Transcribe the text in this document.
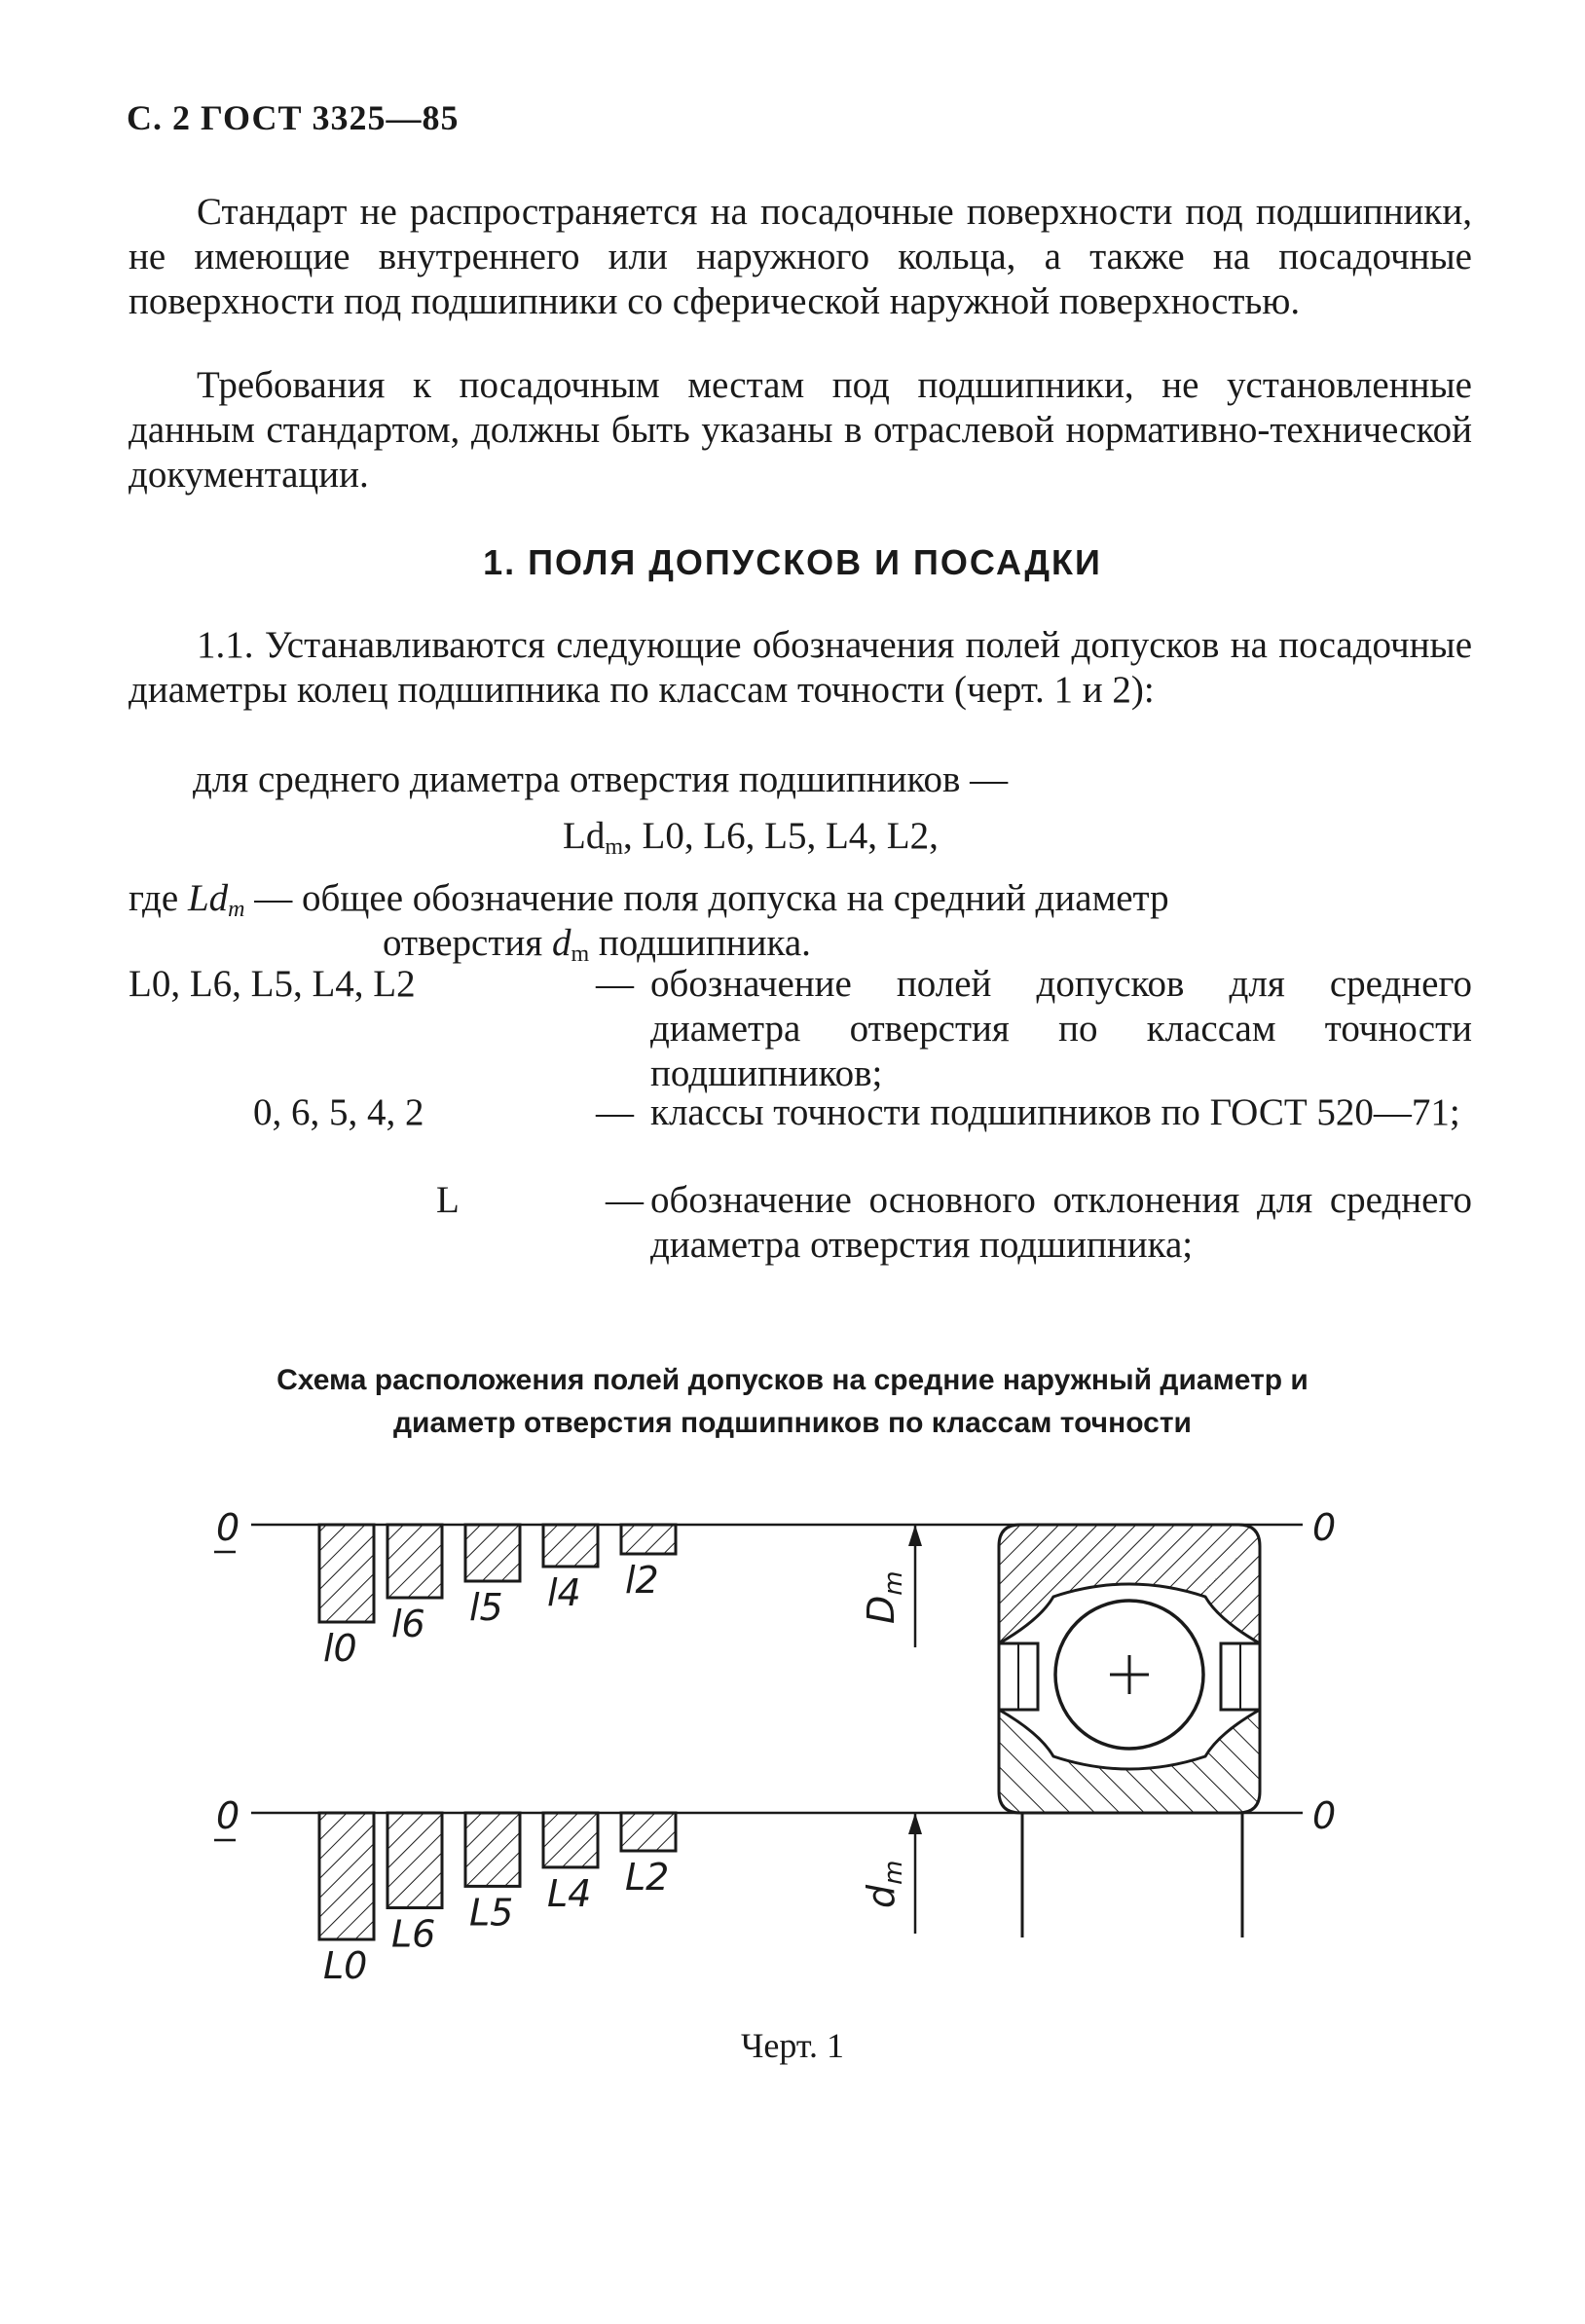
С. 2 ГОСТ 3325—85
Стандарт не распространяется на посадочные поверхности под подшипники, не имеющие внутреннего или наружного кольца, а также на посадочные поверхности под подшипники со сферической наружной поверхностью.
Требования к посадочным местам под подшипники, не установленные данным стандартом, должны быть указаны в отраслевой нормативно-технической документации.
1. ПОЛЯ ДОПУСКОВ И ПОСАДКИ
1.1. Устанавливаются следующие обозначения полей допусков на посадочные диаметры колец подшипника по классам точности (черт. 1 и 2):
для среднего диаметра отверстия подшипников —
$Ld_m$, L0, L6, L5, L4, L2,
где $Ld_m$ — общее обозначение поля допуска на средний диаметр
отверстия $d_m$ подшипника.
L0, L6, L5, L4, L2	— обозначение полей допусков для среднего диаметра отверстия по классам точности подшипников;
0, 6, 5, 4, 2	— классы точности подшипников по ГОСТ 520—71;
L	— обозначение основного отклонения для среднего диаметра отверстия подшипника;
Схема расположения полей допусков на средние наружный диаметр и
диаметр отверстия подшипников по классам точности
0	0
0	0
l0
l6 l5 l4 l2
L0
L6
L5 L4 L2
$D_m$
$d_m$
Черт. 1
